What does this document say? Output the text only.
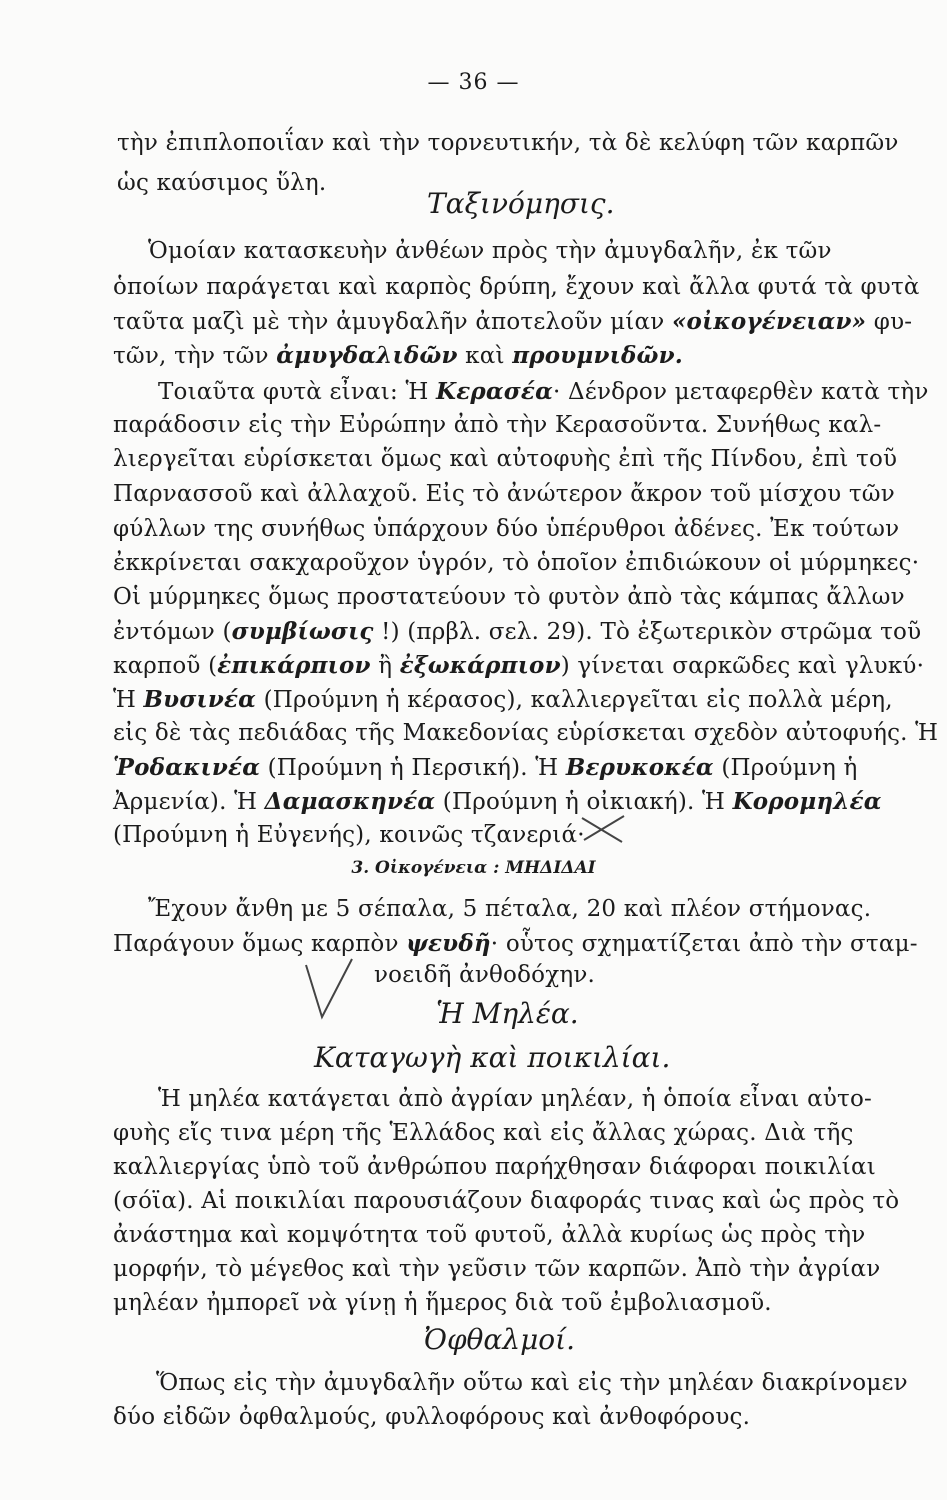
— 36 —
τὴν ἐπιπλοποιΐαν καὶ τὴν τορνευτικήν, τὰ δὲ κελύφη τῶν καρπῶν
ὡς καύσιμος ὕλη.
Ταξινόμησις.
Ὁμοίαν κατασκευὴν ἀνθέων πρὸς τὴν ἀμυγδαλῆν, ἐκ τῶν
ὁποίων παράγεται καὶ καρπὸς δρύπη, ἔχουν καὶ ἄλλα φυτά τὰ φυτὰ
ταῦτα μαζὶ μὲ τὴν ἀμυγδαλῆν ἀποτελοῦν μίαν «οἰκογένειαν» φυ-
τῶν, τὴν τῶν ἀμυγδαλιδῶν καὶ προυμνιδῶν.
Τοιαῦτα φυτὰ εἶναι: Ἡ Κερασέα· Δένδρον μεταφερθὲν κατὰ τὴν
παράδοσιν εἰς τὴν Εὐρώπην ἀπὸ τὴν Κερασοῦντα. Συνήθως καλ-
λιεργεῖται εὑρίσκεται ὅμως καὶ αὐτοφυὴς ἐπὶ τῆς Πίνδου, ἐπὶ τοῦ
Παρνασσοῦ καὶ ἀλλαχοῦ. Εἰς τὸ ἀνώτερον ἄκρον τοῦ μίσχου τῶν
φύλλων της συνήθως ὑπάρχουν δύο ὑπέρυθροι ἀδένες. Ἐκ τούτων
ἐκκρίνεται σακχαροῦχον ὑγρόν, τὸ ὁποῖον ἐπιδιώκουν οἱ μύρμηκες·
Οἱ μύρμηκες ὅμως προστατεύουν τὸ φυτὸν ἀπὸ τὰς κάμπας ἄλλων
ἐντόμων (συμβίωσις !) (πρβλ. σελ. 29). Τὸ ἐξωτερικὸν στρῶμα τοῦ
καρποῦ (ἐπικάρπιον ἢ ἐξωκάρπιον) γίνεται σαρκῶδες καὶ γλυκύ·
Ἡ Βυσινέα (Προύμνη ἡ κέρασος), καλλιεργεῖται εἰς πολλὰ μέρη,
εἰς δὲ τὰς πεδιάδας τῆς Μακεδονίας εὑρίσκεται σχεδὸν αὐτοφυής. Ἡ
Ῥοδακινέα (Προύμνη ἡ Περσική). Ἡ Βερυκοκέα (Προύμνη ἡ
Ἀρμενία). Ἡ Δαμασκηνέα (Προύμνη ἡ οἰκιακή). Ἡ Κορομηλέα
(Προύμνη ἡ Εὐγενής), κοινῶς τζανεριά·
3. Οἰκογένεια : ΜΗΔΙΔΑΙ
Ἔχουν ἄνθη με 5 σέπαλα, 5 πέταλα, 20 καὶ πλέον στήμονας.
Παράγουν ὅμως καρπὸν ψευδῆ· οὗτος σχηματίζεται ἀπὸ τὴν σταμ-
νοειδῆ ἀνθοδόχην.
Ἡ Μηλέα.
Καταγωγὴ καὶ ποικιλίαι.
Ἡ μηλέα κατάγεται ἀπὸ ἀγρίαν μηλέαν, ἡ ὁποία εἶναι αὐτο-
φυὴς εἴς τινα μέρη τῆς Ἑλλάδος καὶ εἰς ἄλλας χώρας. Διὰ τῆς
καλλιεργίας ὑπὸ τοῦ ἀνθρώπου παρήχθησαν διάφοραι ποικιλίαι
(σόϊα). Αἱ ποικιλίαι παρουσιάζουν διαφοράς τινας καὶ ὡς πρὸς τὸ
ἀνάστημα καὶ κομψότητα τοῦ φυτοῦ, ἀλλὰ κυρίως ὡς πρὸς τὴν
μορφήν, τὸ μέγεθος καὶ τὴν γεῦσιν τῶν καρπῶν. Ἀπὸ τὴν ἀγρίαν
μηλέαν ἠμπορεῖ νὰ γίνῃ ἡ ἥμερος διὰ τοῦ ἐμβολιασμοῦ.
Ὀφθαλμοί.
Ὅπως εἰς τὴν ἀμυγδαλῆν οὕτω καὶ εἰς τὴν μηλέαν διακρίνομεν
δύο εἰδῶν ὀφθαλμούς, φυλλοφόρους καὶ ἀνθοφόρους.
